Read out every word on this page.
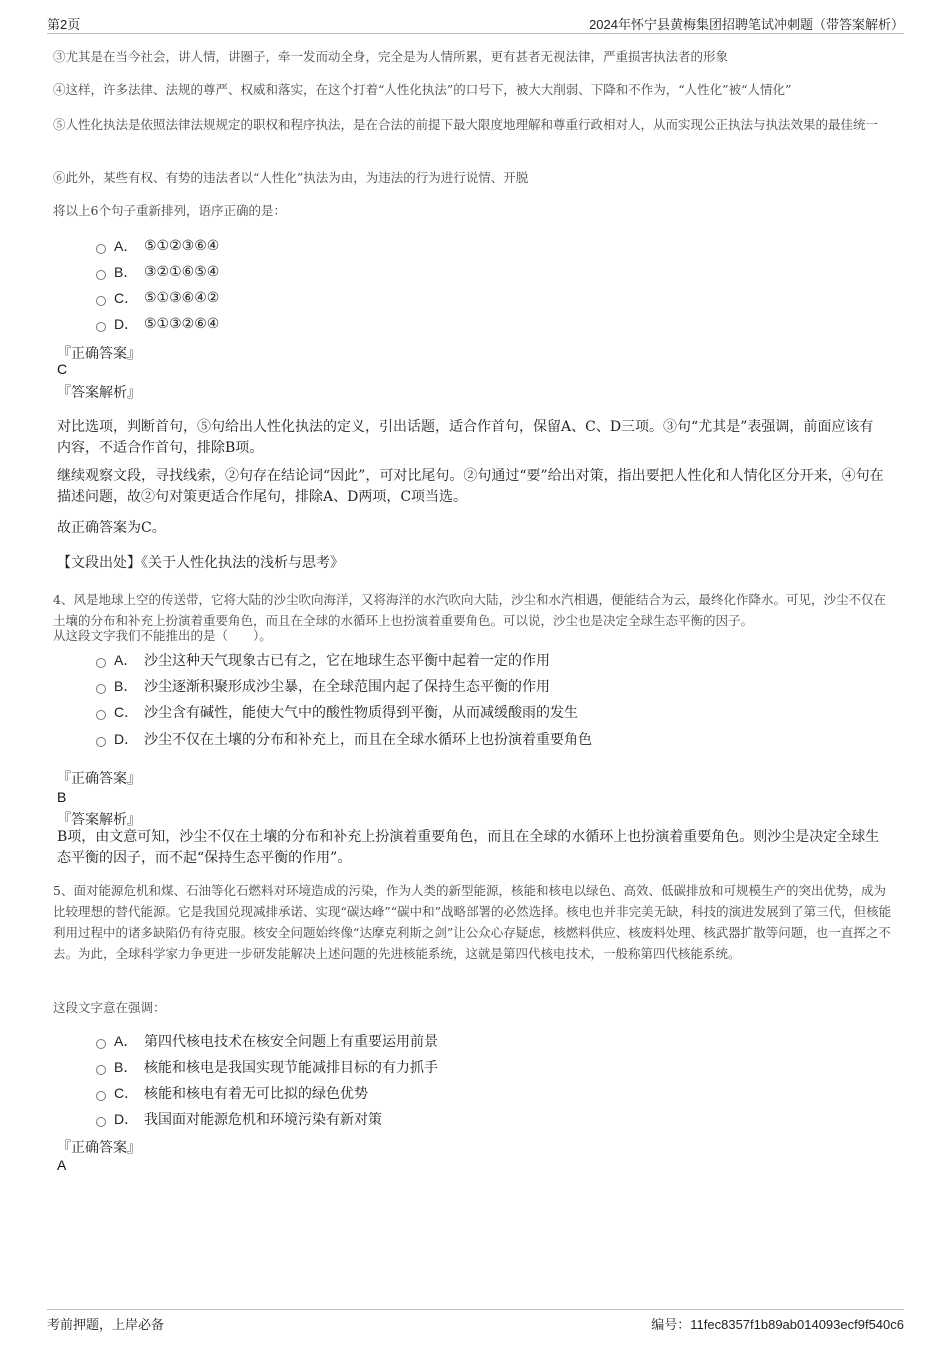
第2页	2024年怀宁县黄梅集团招聘笔试冲刺题（带答案解析）
③尤其是在当今社会，讲人情，讲圈子，牵一发而动全身，完全是为人情所累，更有甚者无视法律，严重损害执法者的形象
④这样，许多法律、法规的尊严、权威和落实，在这个打着“人性化执法”的口号下，被大大削弱、下降和不作为，“人性化”被“人情化”
⑤人性化执法是依照法律法规规定的职权和程序执法，是在合法的前提下最大限度地理解和尊重行政相对人，从而实现公正执法与执法效果的最佳统一
⑥此外，某些有权、有势的违法者以“人性化”执法为由，为违法的行为进行说情、开脱
将以上6个句子重新排列，语序正确的是：
A． ⑤①②③⑥④
B． ③②①⑥⑤④
C． ⑤①③⑥④②
D． ⑤①③②⑥④
『正确答案』
C
『答案解析』
对比选项，判断首句，⑤句给出人性化执法的定义，引出话题，适合作首句，保留A、C、D三项。③句“尤其是”表强调，前面应该有内容，不适合作首句，排除B项。
继续观察文段，寻找线索，②句存在结论词“因此”，可对比尾句。②句通过“要”给出对策，指出要把人性化和人情化区分开来，④句在描述问题，故②句对策更适合作尾句，排除A、D两项，C项当选。
故正确答案为C。
【文段出处】《关于人性化执法的浅析与思考》
4、风是地球上空的传送带，它将大陆的沙尘吹向海洋，又将海洋的水汽吹向大陆，沙尘和水汽相遇，便能结合为云，最终化作降水。可见，沙尘不仅在土壤的分布和补充上扮演着重要角色，而且在全球的水循环上也扮演着重要角色。可以说，沙尘也是决定全球生态平衡的因子。
从这段文字我们不能推出的是（　　）。
A． 沙尘这种天气现象古已有之，它在地球生态平衡中起着一定的作用
B． 沙尘逐渐积聚形成沙尘暴，在全球范围内起了保持生态平衡的作用
C． 沙尘含有碱性，能使大气中的酸性物质得到平衡，从而减缓酸雨的发生
D． 沙尘不仅在土壤的分布和补充上，而且在全球水循环上也扮演着重要角色
『正确答案』
B
『答案解析』
B项，由文意可知，沙尘不仅在土壤的分布和补充上扮演着重要角色，而且在全球的水循环上也扮演着重要角色。则沙尘是决定全球生态平衡的因子，而不起“保持生态平衡的作用”。
5、面对能源危机和煤、石油等化石燃料对环境造成的污染，作为人类的新型能源，核能和核电以绿色、高效、低碳排放和可规模生产的突出优势，成为比较理想的替代能源。它是我国兑现减排承诺、实现“碳达峰”“碳中和”战略部署的必然选择。核电也并非完美无缺，科技的演进发展到了第三代，但核能利用过程中的诸多缺陷仍有待克服。核安全问题始终像“达摩克利斯之剑”让公众心存疑虑，核燃料供应、核废料处理、核武器扩散等问题，也一直挥之不去。为此，全球科学家力争更进一步研发能解决上述问题的先进核能系统，这就是第四代核电技术，一般称第四代核能系统。
这段文字意在强调：
A． 第四代核电技术在核安全问题上有重要运用前景
B． 核能和核电是我国实现节能减排目标的有力抓手
C． 核能和核电有着无可比拟的绿色优势
D． 我国面对能源危机和环境污染有新对策
『正确答案』
A
考前押题，上岸必备	编号：11fec8357f1b89ab014093ecf9f540c6
